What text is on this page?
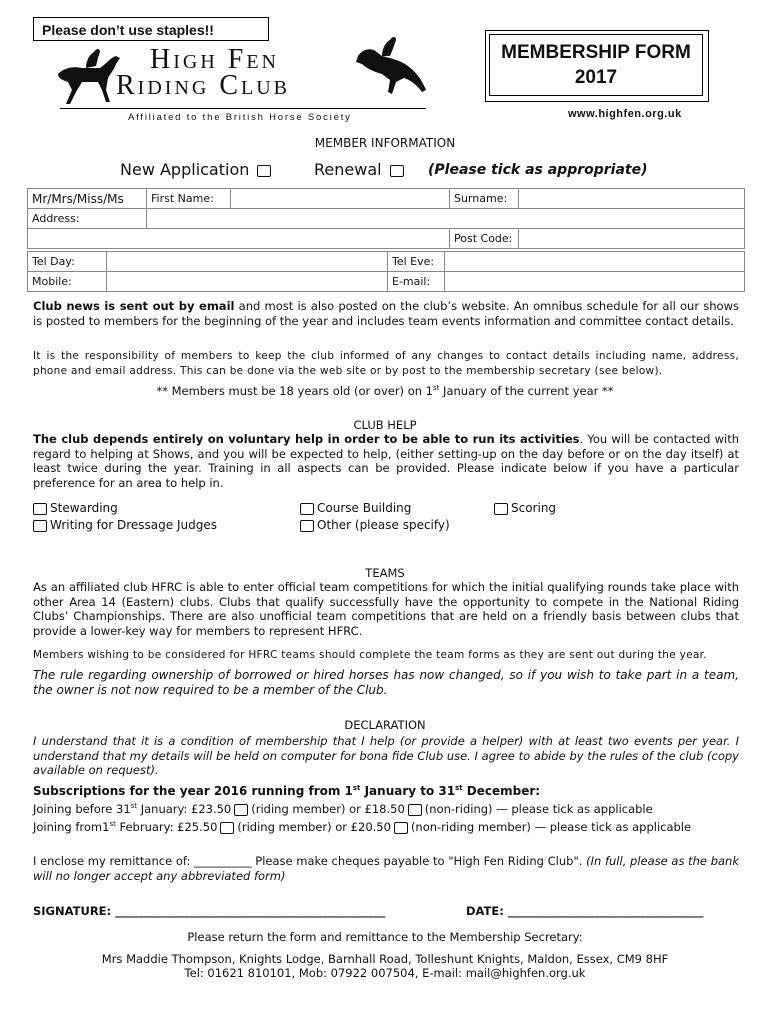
Please don’t use staples!!
High Fen
Riding Club
Affiliated to the British Horse Society
MEMBERSHIP FORM
2017
www.highfen.org.uk
MEMBER INFORMATION
New Application	Renewal	(Please tick as appropriate)
Mr/Mrs/Miss/Ms	First Name:		Surname:	
Address:				
			Post Code:	
Tel Day:		Tel Eve:	
Mobile:		E-mail:	
Club news is sent out by email and most is also posted on the club’s website. An omnibus schedule for all our shows is posted to members for the beginning of the year and includes team events information and committee contact details.
It is the responsibility of members to keep the club informed of any changes to contact details including name, address, phone and email address. This can be done via the web site or by post to the membership secretary (see below).
** Members must be 18 years old (or over) on 1st January of the current year **
CLUB HELP
The club depends entirely on voluntary help in order to be able to run its activities. You will be contacted with regard to helping at Shows, and you will be expected to help, (either setting-up on the day before or on the day itself) at least twice during the year. Training in all aspects can be provided. Please indicate below if you have a particular preference for an area to help in.
Stewarding	Course Building	Scoring
Writing for Dressage Judges	Other (please specify)
TEAMS
As an affiliated club HFRC is able to enter official team competitions for which the initial qualifying rounds take place with other Area 14 (Eastern) clubs. Clubs that qualify successfully have the opportunity to compete in the National Riding Clubs’ Championships. There are also unofficial team competitions that are held on a friendly basis between clubs that provide a lower-key way for members to represent HFRC.
Members wishing to be considered for HFRC teams should complete the team forms as they are sent out during the year.
The rule regarding ownership of borrowed or hired horses has now changed, so if you wish to take part in a team, the owner is not now required to be a member of the Club.
DECLARATION
I understand that it is a condition of membership that I help (or provide a helper) with at least two events per year. I understand that my details will be held on computer for bona fide Club use. I agree to abide by the rules of the club (copy available on request).
Subscriptions for the year 2016 running from 1st January to 31st December:
Joining before 31st January: £23.50 (riding member) or £18.50 (non-riding) — please tick as applicable
Joining from1st February: £25.50 (riding member) or £20.50 (non-riding member) — please tick as applicable
I enclose my remittance of: __________ Please make cheques payable to "High Fen Riding Club". (In full, please as the bank will no longer accept any abbreviated form)
SIGNATURE: _______________________________________________	DATE: __________________________________
Please return the form and remittance to the Membership Secretary:
Mrs Maddie Thompson, Knights Lodge, Barnhall Road, Tolleshunt Knights, Maldon, Essex, CM9 8HF
Tel: 01621 810101, Mob: 07922 007504, E-mail: mail@highfen.org.uk
